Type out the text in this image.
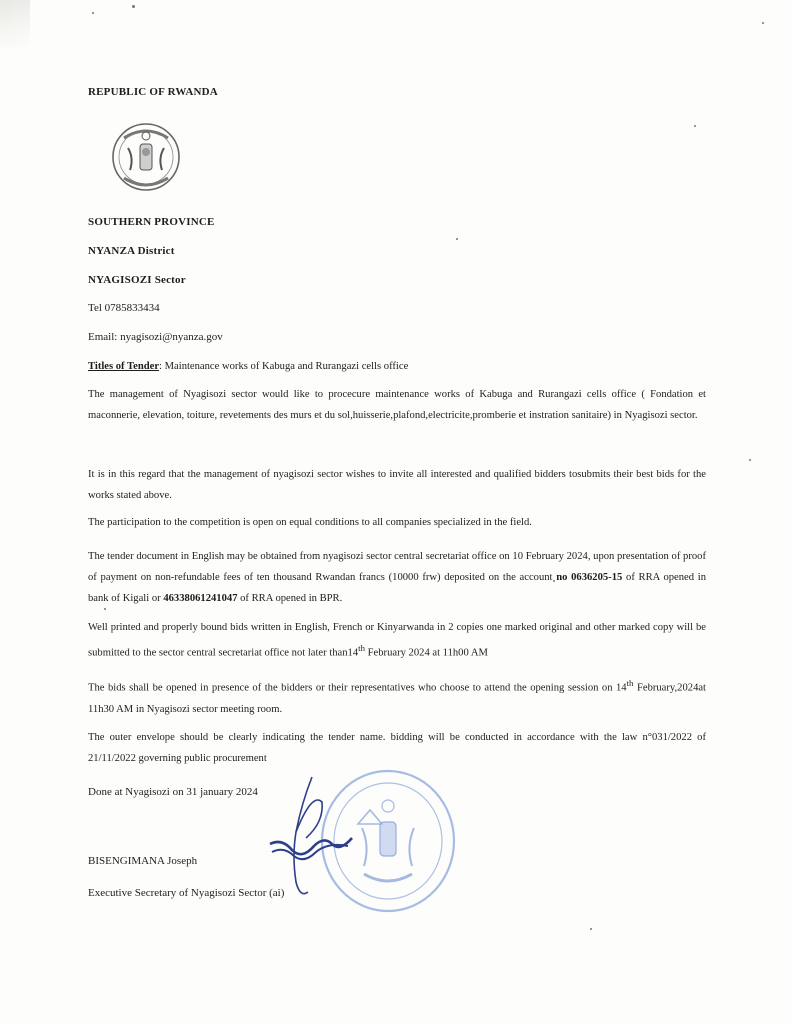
REPUBLIC OF RWANDA
SOUTHERN PROVINCE
NYANZA District
NYAGISOZI Sector
Tel 0785833434
Email: nyagisozi@nyanza.gov
Titles of Tender: Maintenance works of Kabuga and Rurangazi cells office
The management of Nyagisozi sector would like to procecure maintenance works of Kabuga and Rurangazi cells office ( Fondation et maconnerie, elevation, toiture, revetements des murs et du sol,huisserie,plafond,electricite,promberie et instration sanitaire) in Nyagisozi sector.
It is in this regard that the management of nyagisozi sector wishes to invite all interested and qualified bidders tosubmits their best bids for the works stated above.
The participation to the competition is open on equal conditions to all companies specialized in the field.
The tender document in English may be obtained from nyagisozi sector central secretariat office on 10 February 2024, upon presentation of proof of payment on non-refundable fees of ten thousand Rwandan francs (10000 frw) deposited on the account no 0636205-15 of RRA opened in bank of Kigali or 46338061241047 of RRA opened in BPR.
Well printed and properly bound bids written in English, French or Kinyarwanda in 2 copies one marked original and other marked copy will be submitted to the sector central secretariat office not later than14th February 2024 at 11h00 AM
The bids shall be opened in presence of the bidders or their representatives who choose to attend the opening session on 14th February,2024at 11h30 AM in Nyagisozi sector meeting room.
The outer envelope should be clearly indicating the tender name. bidding will be conducted in accordance with the law n°031/2022 of 21/11/2022 governing public procurement
Done at Nyagisozi on 31 january 2024
BISENGIMANA Joseph
Executive Secretary of Nyagisozi Sector (ai)
